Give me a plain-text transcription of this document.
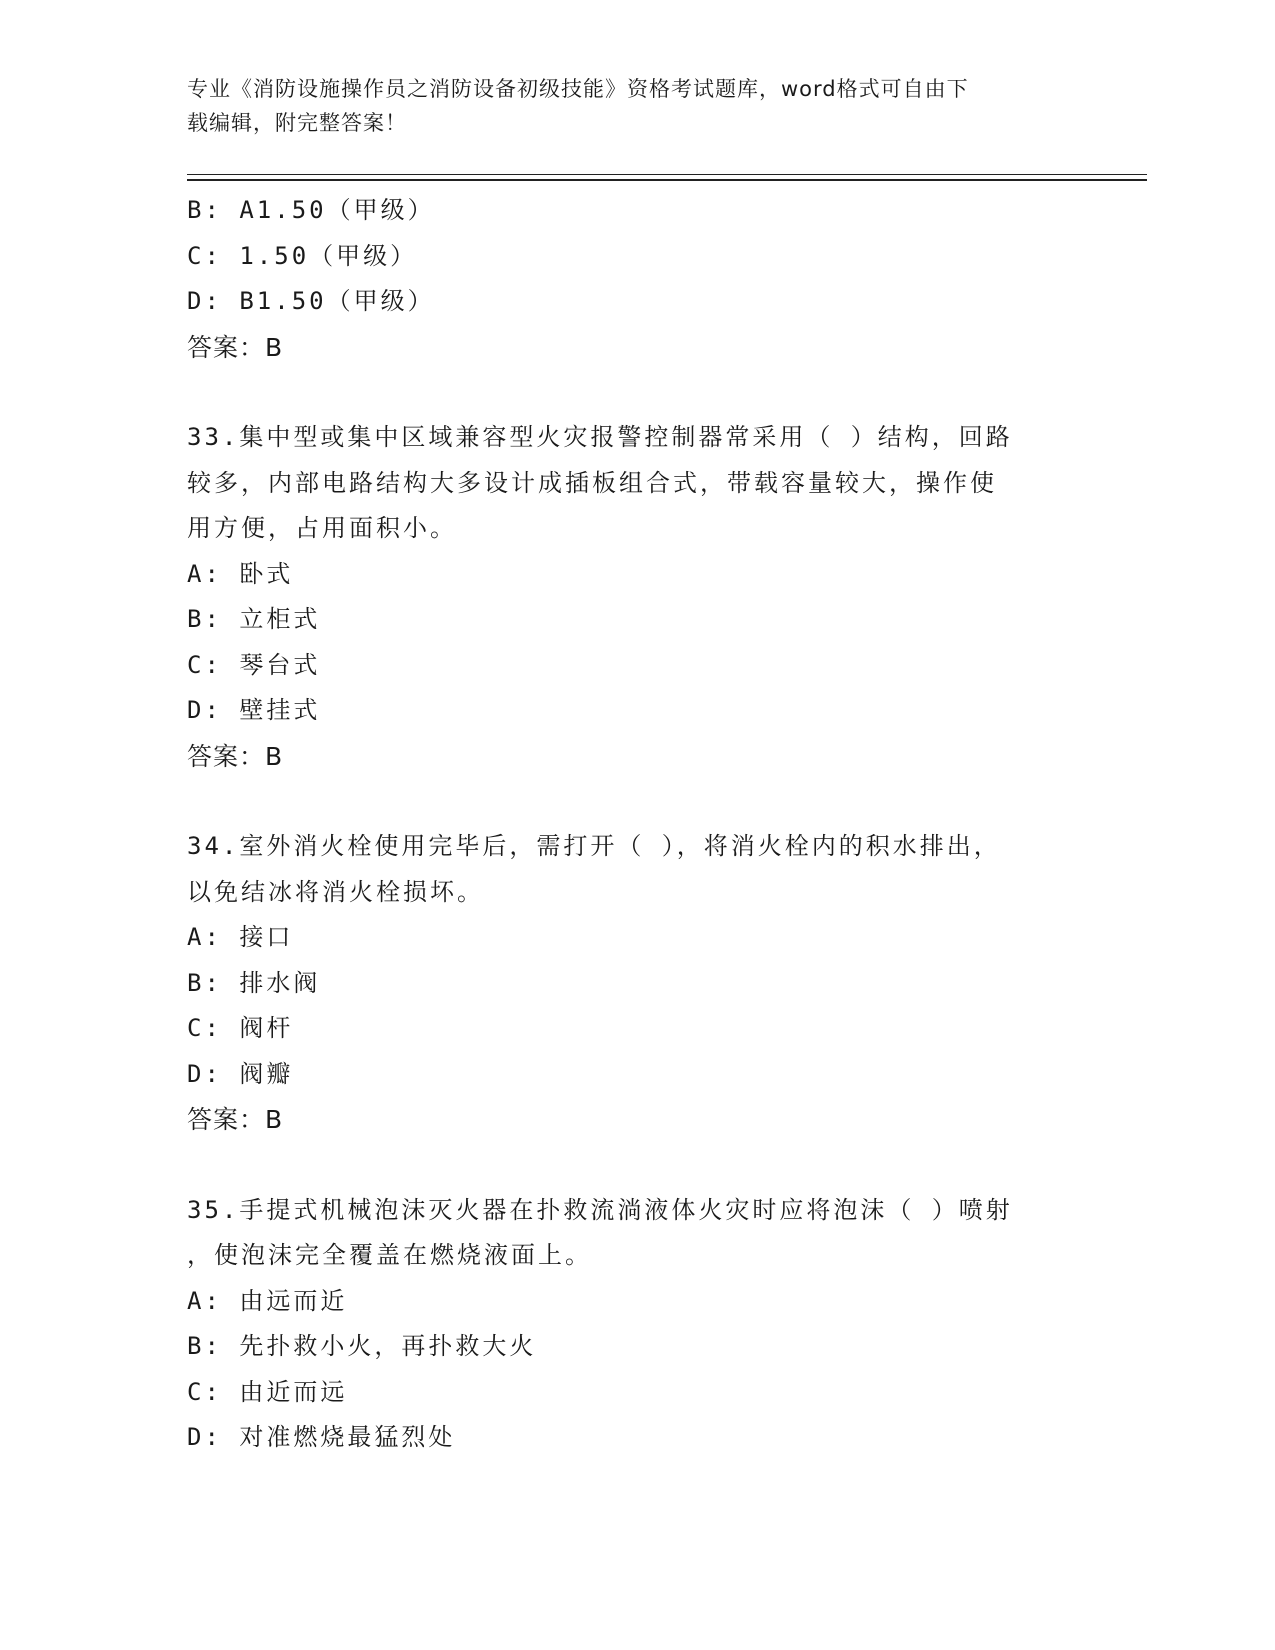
专业《消防设施操作员之消防设备初级技能》资格考试题库，word格式可自由下
载编辑，附完整答案！
B: A1.50（甲级）
C: 1.50（甲级）
D: B1.50（甲级）
答案：B
33.集中型或集中区域兼容型火灾报警控制器常采用（ ）结构，回路
较多，内部电路结构大多设计成插板组合式，带载容量较大，操作使
用方便，占用面积小。
A: 卧式
B: 立柜式
C: 琴台式
D: 壁挂式
答案：B
34.室外消火栓使用完毕后，需打开（ ），将消火栓内的积水排出，
以免结冰将消火栓损坏。
A: 接口
B: 排水阀
C: 阀杆
D: 阀瓣
答案：B
35.手提式机械泡沫灭火器在扑救流淌液体火灾时应将泡沫（ ）喷射
，使泡沫完全覆盖在燃烧液面上。
A: 由远而近
B: 先扑救小火，再扑救大火
C: 由近而远
D: 对准燃烧最猛烈处
